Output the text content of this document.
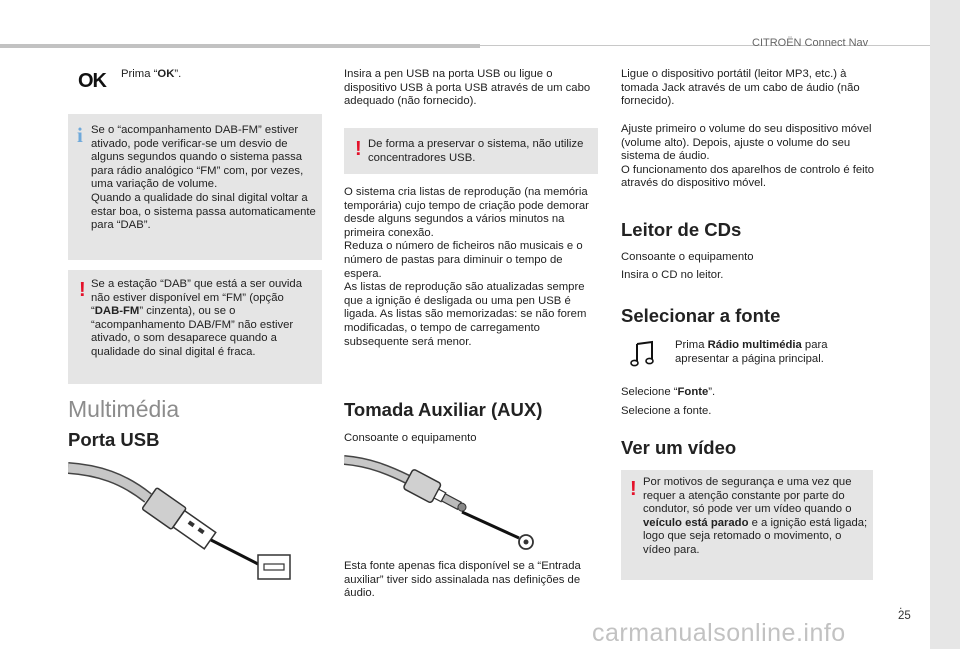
CITROËN Connect Nav
OK Prima “OK”.

i Se o “acompanhamento DAB-FM” estiver ativado, pode verificar-se um desvio de alguns segundos quando o sistema passa para rádio analógico “FM” com, por vezes, uma variação de volume.
Quando a qualidade do sinal digital voltar a estar boa, o sistema passa automaticamente para “DAB”.

! Se a estação “DAB” que está a ser ouvida não estiver disponível em “FM” (opção “DAB-FM” cinzenta), ou se o “acompanhamento DAB/FM” não estiver ativado, o som desaparece quando a qualidade do sinal digital é fraca.

Multimédia
Porta USB

Insira a pen USB na porta USB ou ligue o dispositivo USB à porta USB através de um cabo adequado (não fornecido).

! De forma a preservar o sistema, não utilize concentradores USB.

O sistema cria listas de reprodução (na memória temporária) cujo tempo de criação pode demorar desde alguns segundos a vários minutos na primeira conexão.
Reduza o número de ficheiros não musicais e o número de pastas para diminuir o tempo de espera.
As listas de reprodução são atualizadas sempre que a ignição é desligada ou uma pen USB é ligada. As listas são memorizadas: se não forem modificadas, o tempo de carregamento subsequente será menor.

Tomada Auxiliar (AUX)

Consoante o equipamento

Esta fonte apenas fica disponível se a “Entrada auxiliar” tiver sido assinalada nas definições de áudio.

Ligue o dispositivo portátil (leitor MP3, etc.) à tomada Jack através de um cabo de áudio (não fornecido).

Ajuste primeiro o volume do seu dispositivo móvel (volume alto). Depois, ajuste o volume do seu sistema de áudio.
O funcionamento dos aparelhos de controlo é feito através do dispositivo móvel.

Leitor de CDs

Consoante o equipamento

Insira o CD no leitor.

Selecionar a fonte

Prima Rádio multimédia para apresentar a página principal.

Selecione “Fonte”.

Selecione a fonte.

Ver um vídeo
! Por motivos de segurança e uma vez que requer a atenção constante por parte do condutor, só pode ver um vídeo quando o veículo está parado e a ignição está ligada; logo que seja retomado o movimento, o vídeo para.

.
25
carmanualsonline.info
